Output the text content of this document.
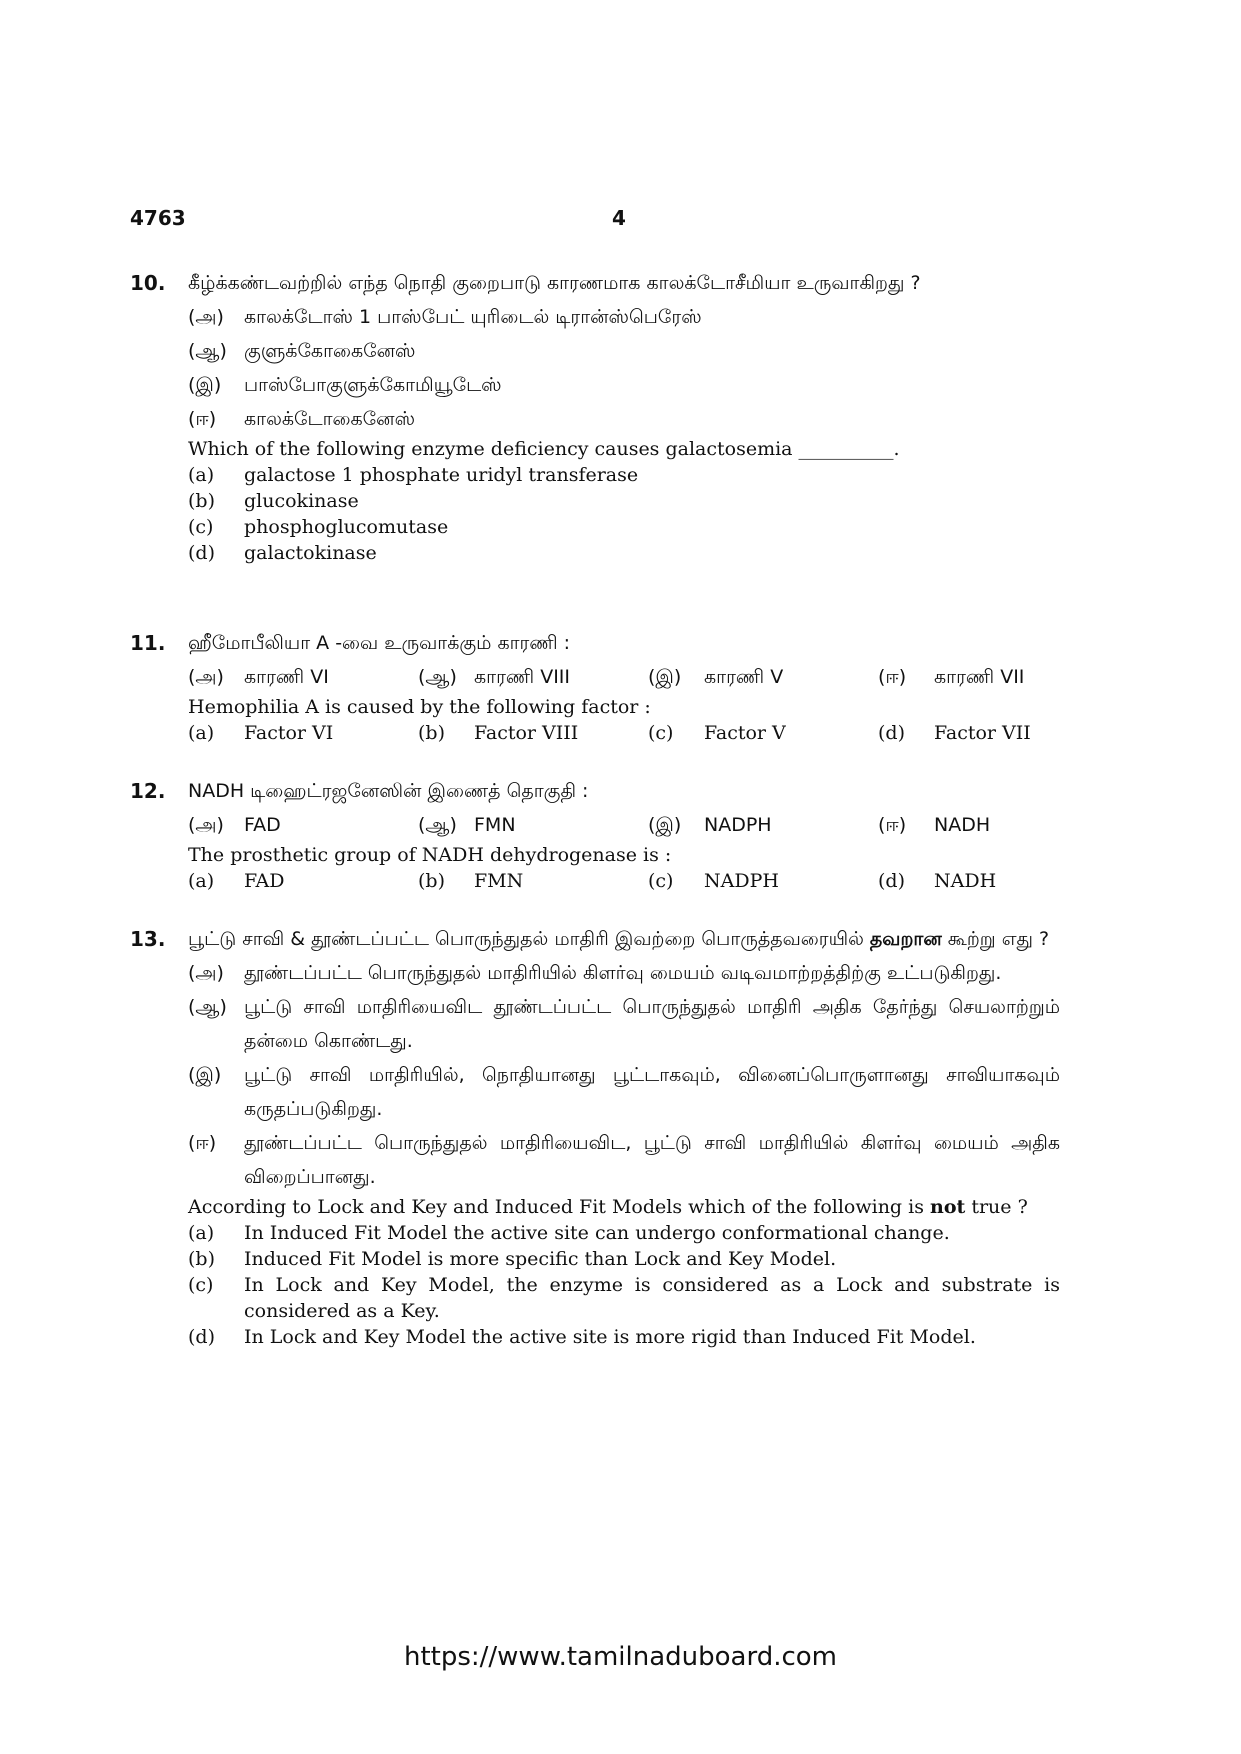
4763	4
10.	கீழ்க்கண்டவற்றில் எந்த நொதி குறைபாடு காரணமாக காலக்டோசீமியா உருவாகிறது ?
(அ)	காலக்டோஸ் 1 பாஸ்பேட் யுரிடைல் டிரான்ஸ்பெரேஸ்
(ஆ) குளுக்கோகைனேஸ்
(இ)	பாஸ்போகுளுக்கோமியூடேஸ்
(ஈ)	காலக்டோகைனேஸ்
Which of the following enzyme deficiency causes galactosemia __________.
(a)	galactose 1 phosphate uridyl transferase
(b)	glucokinase
(c)	phosphoglucomutase
(d)	galactokinase
11.	ஹீமோபீலியா A -வை உருவாக்கும் காரணி :
(அ)	காரணி VI	(ஆ) காரணி VIII	(இ)	காரணி V	(ஈ)	காரணி VII
Hemophilia A is caused by the following factor :
(a)	Factor VI	(b)	Factor VIII	(c)	Factor V	(d)	Factor VII
12.	NADH டிஹைட்ரஜனேஸின் இணைத் தொகுதி :
(அ)	FAD	(ஆ) FMN	(இ)	NADPH	(ஈ)	NADH
The prosthetic group of NADH dehydrogenase is :
(a)	FAD	(b)	FMN	(c)	NADPH	(d)	NADH
13.	பூட்டு சாவி & தூண்டப்பட்ட பொருந்துதல் மாதிரி இவற்றை பொருத்தவரையில் தவறான கூற்று எது ?
(அ)	தூண்டப்பட்ட பொருந்துதல் மாதிரியில் கிளர்வு மையம் வடிவமாற்றத்திற்கு உட்படுகிறது.
(ஆ) பூட்டு சாவி மாதிரியைவிட தூண்டப்பட்ட பொருந்துதல் மாதிரி அதிக தேர்ந்து செயலாற்றும் தன்மை கொண்டது.
(இ)	பூட்டு சாவி மாதிரியில், நொதியானது பூட்டாகவும், வினைப்பொருளானது சாவியாகவும் கருதப்படுகிறது.
(ஈ)	தூண்டப்பட்ட பொருந்துதல் மாதிரியைவிட, பூட்டு சாவி மாதிரியில் கிளர்வு மையம் அதிக விறைப்பானது.
According to Lock and Key and Induced Fit Models which of the following is not true ?
(a)	In Induced Fit Model the active site can undergo conformational change.
(b)	Induced Fit Model is more specific than Lock and Key Model.
(c)	In Lock and Key Model, the enzyme is considered as a Lock and substrate is considered as a Key.
(d)	In Lock and Key Model the active site is more rigid than Induced Fit Model.
https://www.tamilnaduboard.com
